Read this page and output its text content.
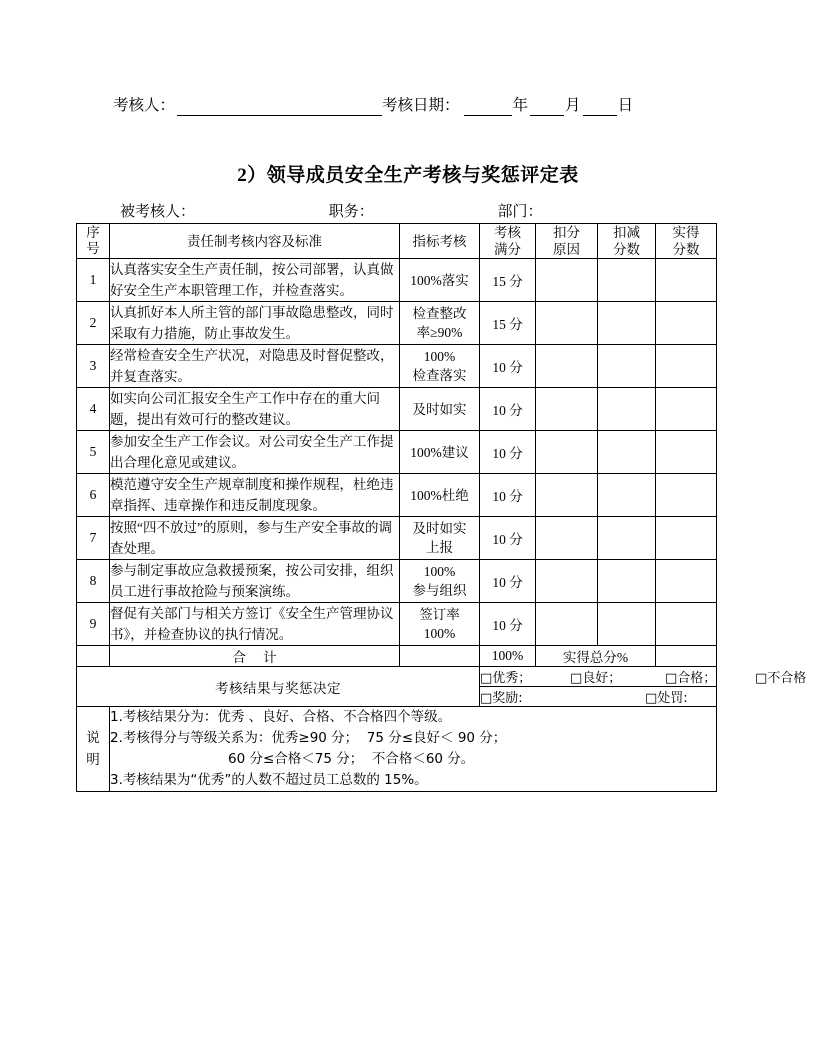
考核人：	考核日期：	年 月 日
2）领导成员安全生产考核与奖惩评定表
被考核人：	职务：	部门：
序
号	责任制考核内容及标准	指标考核	
考核
满分

扣分
原因

扣减
分数

实得
分数

1	认真落实安全生产责任制，按公司部署，认真做好安全生产本职管理工作，并检查落实。	100%落实	15 分			
2	认真抓好本人所主管的部门事故隐患整改，同时采取有力措施，防止事故发生。	检查整改
率≥90%	15 分			
3	经常检查安全生产状况，对隐患及时督促整改，并复查落实。	100%
检查落实	10 分			
4	如实向公司汇报安全生产工作中存在的重大问题，提出有效可行的整改建议。	及时如实	10 分			
5	参加安全生产工作会议。对公司安全生产工作提出合理化意见或建议。	100%建议	10 分			
6	模范遵守安全生产规章制度和操作规程，杜绝违章指挥、违章操作和违反制度现象。	100%杜绝	10 分			
7	按照“四不放过”的原则，参与生产安全事故的调查处理。	及时如实
上报	10 分			
8	参与制定事故应急救援预案，按公司安排，组织员工进行事故抢险与预案演练。	100%
参与组织	10 分			
9	督促有关部门与相关方签订《安全生产管理协议书》，并检查协议的执行情况。	签订率
100%	10 分			
	合 计		100%	实得总分%		
考核结果与奖惩决定			□优秀； □良好； □合格； □不合格			
			□奖励: □处罚:			

说
明

1.考核结果分为：优秀 、良好、合格、不合格四个等级。
2.考核得分与等级关系为：优秀≥90 分；  75 分≤良好＜ 90 分；
60 分≤合格＜75 分；  不合格＜60 分。
3.考核结果为“优秀”的人数不超过员工总数的 15%。
